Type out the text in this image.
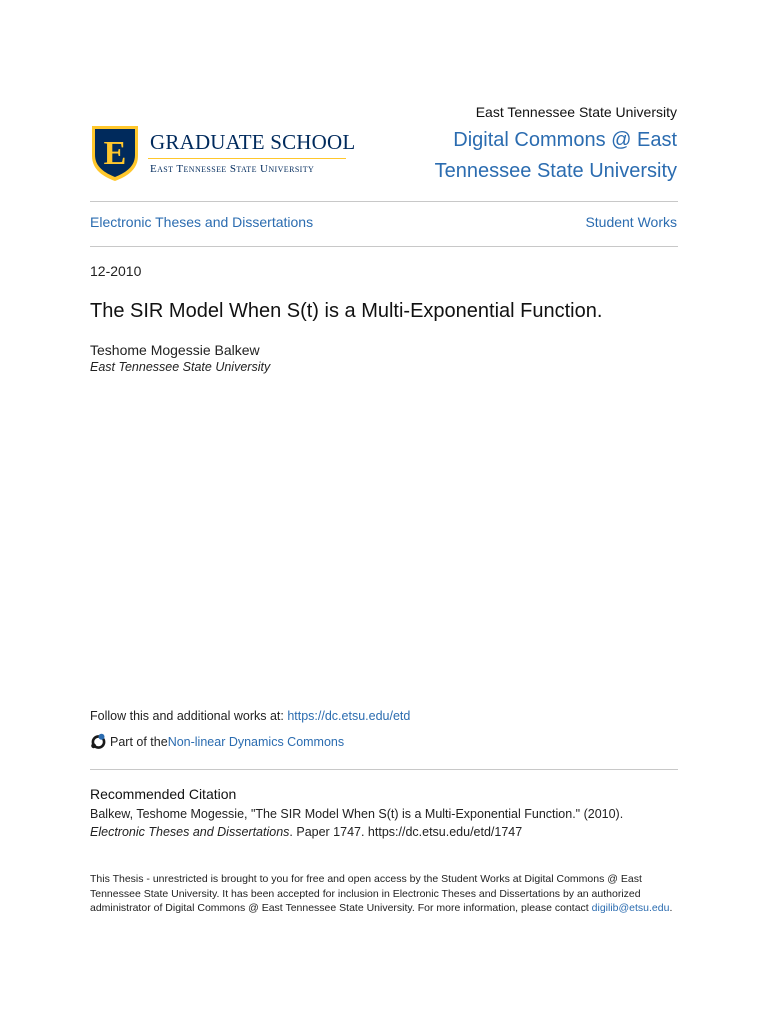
E GRADUATE SCHOOL
East Tennessee State University
East Tennessee State University
Digital Commons @ East Tennessee State University
Electronic Theses and Dissertations	Student Works
12-2010
The SIR Model When S(t) is a Multi-Exponential Function.
Teshome Mogessie Balkew
East Tennessee State University
Follow this and additional works at: https://dc.etsu.edu/etd
Part of the Non-linear Dynamics Commons
Recommended Citation
Balkew, Teshome Mogessie, "The SIR Model When S(t) is a Multi-Exponential Function." (2010). Electronic Theses and Dissertations. Paper 1747. https://dc.etsu.edu/etd/1747
This Thesis - unrestricted is brought to you for free and open access by the Student Works at Digital Commons @ East Tennessee State University. It has been accepted for inclusion in Electronic Theses and Dissertations by an authorized administrator of Digital Commons @ East Tennessee State University. For more information, please contact digilib@etsu.edu.
